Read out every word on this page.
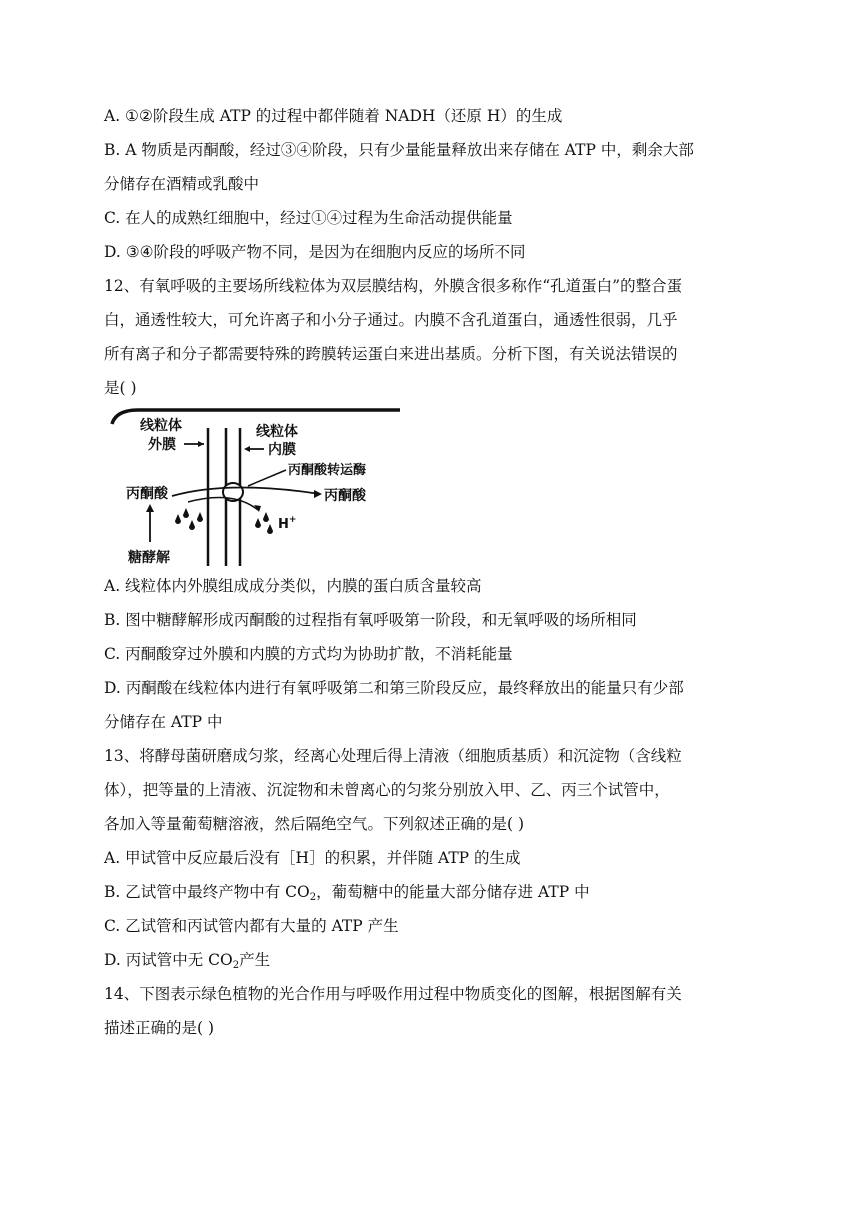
A. ①②阶段生成 ATP 的过程中都伴随着 NADH（还原 H）的生成
B. A 物质是丙酮酸，经过③④阶段，只有少量能量释放出来存储在 ATP 中，剩余大部
分储存在酒精或乳酸中
C. 在人的成熟红细胞中，经过①④过程为生命活动提供能量
D. ③④阶段的呼吸产物不同，是因为在细胞内反应的场所不同
12、有氧呼吸的主要场所线粒体为双层膜结构，外膜含很多称作“孔道蛋白”的整合蛋
白，通透性较大，可允许离子和小分子通过。内膜不含孔道蛋白，通透性很弱，几乎
所有离子和分子都需要特殊的跨膜转运蛋白来进出基质。分析下图，有关说法错误的
是( )
线粒体
外膜
线粒体
内膜
丙酮酸转运酶
丙酮酸	丙酮酸
H+
糖酵解
A. 线粒体内外膜组成成分类似，内膜的蛋白质含量较高
B. 图中糖酵解形成丙酮酸的过程指有氧呼吸第一阶段，和无氧呼吸的场所相同
C. 丙酮酸穿过外膜和内膜的方式均为协助扩散，不消耗能量
D. 丙酮酸在线粒体内进行有氧呼吸第二和第三阶段反应，最终释放出的能量只有少部
分储存在 ATP 中
13、将酵母菌研磨成匀浆，经离心处理后得上清液（细胞质基质）和沉淀物（含线粒
体），把等量的上清液、沉淀物和未曾离心的匀浆分别放入甲、乙、丙三个试管中，
各加入等量葡萄糖溶液，然后隔绝空气。下列叙述正确的是( )
A. 甲试管中反应最后没有［H］的积累，并伴随 ATP 的生成
B. 乙试管中最终产物中有 $CO_2$，葡萄糖中的能量大部分储存进 ATP 中
C. 乙试管和丙试管内都有大量的 ATP 产生
D. 丙试管中无 $CO_2$产生
14、下图表示绿色植物的光合作用与呼吸作用过程中物质变化的图解，根据图解有关
描述正确的是( )
